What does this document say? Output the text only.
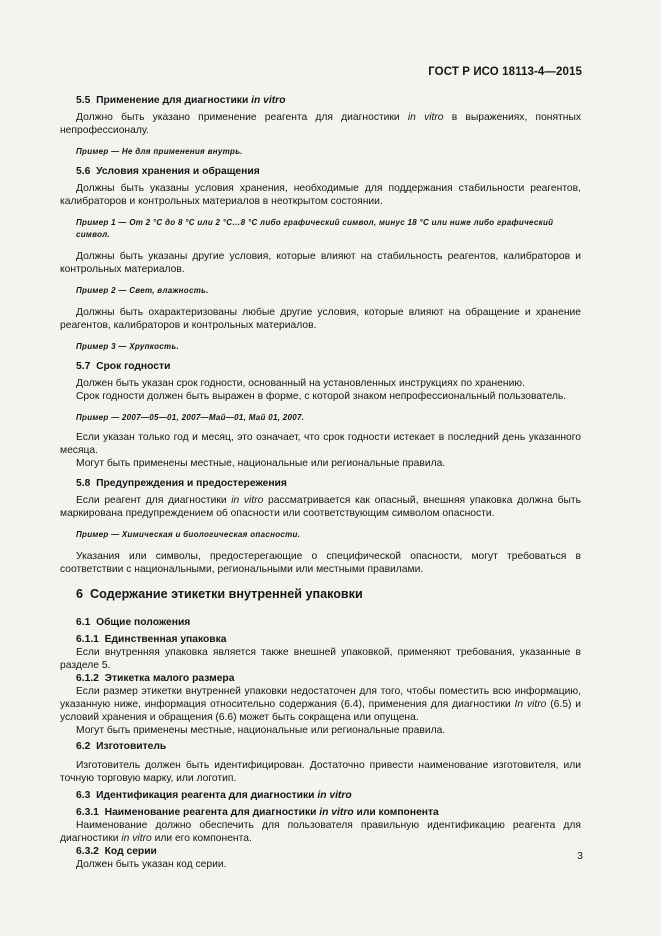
ГОСТ Р ИСО 18113-4—2015
5.5 Применение для диагностики in vitro

Должно быть указано применение реагента для диагностики in vitro в выражениях, понятных непрофессионалу.

Пример — Не для применения внутрь.

5.6 Условия хранения и обращения

Должны быть указаны условия хранения, необходимые для поддержания стабильности реагентов, калибраторов и контрольных материалов в неоткрытом состоянии.

Пример 1 — От 2 °С до 8 °С или 2 °С…8 °С либо графический символ, минус 18 °С или ниже либо графический символ.

Должны быть указаны другие условия, которые влияют на стабильность реагентов, калибраторов и контрольных материалов.

Пример 2 — Свет, влажность.

Должны быть охарактеризованы любые другие условия, которые влияют на обращение и хранение реагентов, калибраторов и контрольных материалов.

Пример 3 — Хрупкость.

5.7 Срок годности

Должен быть указан срок годности, основанный на установленных инструкциях по хранению.

Срок годности должен быть выражен в форме, с которой знаком непрофессиональный пользователь.

Пример — 2007—05—01, 2007—Май—01, Май 01, 2007.

Если указан только год и месяц, это означает, что срок годности истекает в последний день указанного месяца.

Могут быть применены местные, национальные или региональные правила.

5.8 Предупреждения и предостережения

Если реагент для диагностики in vitro рассматривается как опасный, внешняя упаковка должна быть маркирована предупреждением об опасности или соответствующим символом опасности.

Пример — Химическая и биологическая опасности.

Указания или символы, предостерегающие о специфической опасности, могут требоваться в соответствии с национальными, региональными или местными правилами.

6 Содержание этикетки внутренней упаковки
6.1 Общие положения
6.1.1 Единственная упаковка

Если внутренняя упаковка является также внешней упаковкой, применяют требования, указанные в разделе 5.

6.1.2 Этикетка малого размера

Если размер этикетки внутренней упаковки недостаточен для того, чтобы поместить всю информацию, указанную ниже, информация относительно содержания (6.4), применения для диагностики In vitro (6.5) и условий хранения и обращения (6.6) может быть сокращена или опущена.

Могут быть применены местные, национальные или региональные правила.

6.2 Изготовитель

Изготовитель должен быть идентифицирован. Достаточно привести наименование изготовителя, или точную торговую марку, или логотип.

6.3 Идентификация реагента для диагностики in vitro
6.3.1 Наименование реагента для диагностики in vitro или компонента

Наименование должно обеспечить для пользователя правильную идентификацию реагента для диагностики in vitro или его компонента.

6.3.2 Код серии

Должен быть указан код серии.

3
